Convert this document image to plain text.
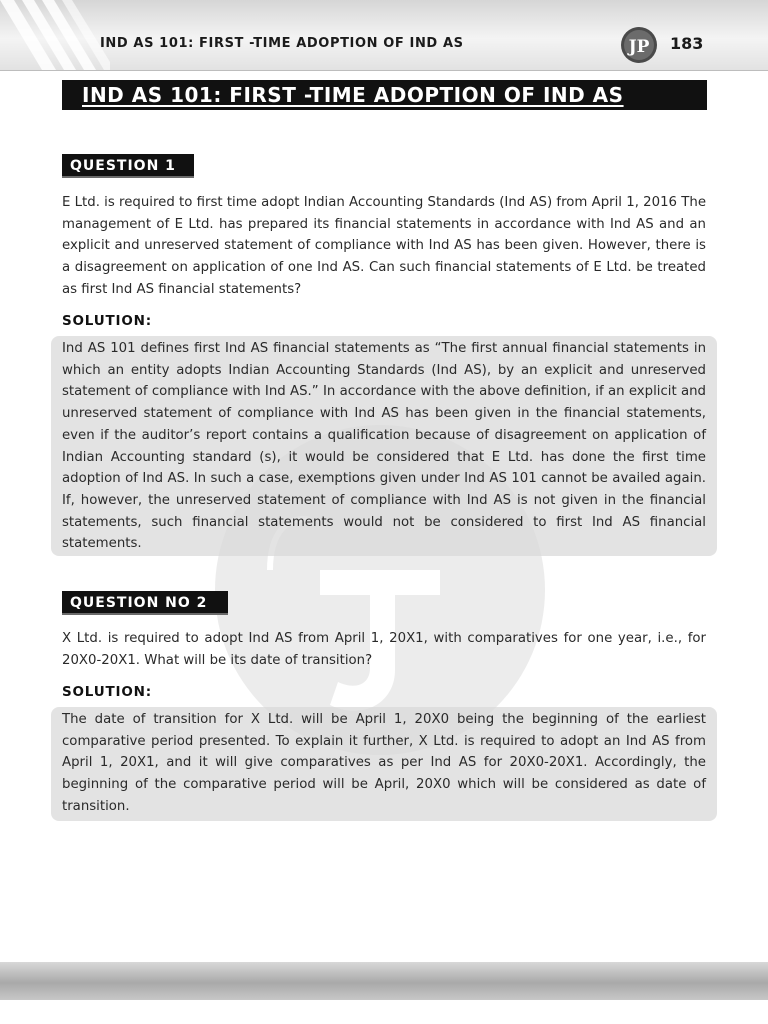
IND AS 101: FIRST -TIME ADOPTION OF IND AS	JP 183
IND AS 101: FIRST -TIME ADOPTION OF IND AS
QUESTION 1
E Ltd. is required to first time adopt Indian Accounting Standards (Ind AS) from April 1, 2016 The management of E Ltd. has prepared its financial statements in accordance with Ind AS and an explicit and unreserved statement of compliance with Ind AS has been given. However, there is a disagreement on application of one Ind AS. Can such financial statements of E Ltd. be treated as first Ind AS financial statements?
SOLUTION:
Ind AS 101 defines first Ind AS financial statements as “The first annual financial statements in which an entity adopts Indian Accounting Standards (Ind AS), by an explicit and unreserved statement of compliance with Ind AS.” In accordance with the above definition, if an explicit and unreserved statement of compliance with Ind AS has been given in the financial statements, even if the auditor’s report contains a qualification because of disagreement on application of Indian Accounting standard (s), it would be considered that E Ltd. has done the first time adoption of Ind AS. In such a case, exemptions given under Ind AS 101 cannot be availed again. If, however, the unreserved statement of compliance with Ind AS is not given in the financial statements, such financial statements would not be considered to first Ind AS financial statements.
QUESTION NO 2
X Ltd. is required to adopt Ind AS from April 1, 20X1, with comparatives for one year, i.e., for 20X0-20X1. What will be its date of transition?
SOLUTION:
The date of transition for X Ltd. will be April 1, 20X0 being the beginning of the earliest comparative period presented. To explain it further, X Ltd. is required to adopt an Ind AS from April 1, 20X1, and it will give comparatives as per Ind AS for 20X0-20X1. Accordingly, the beginning of the comparative period will be April, 20X0 which will be considered as date of transition.
